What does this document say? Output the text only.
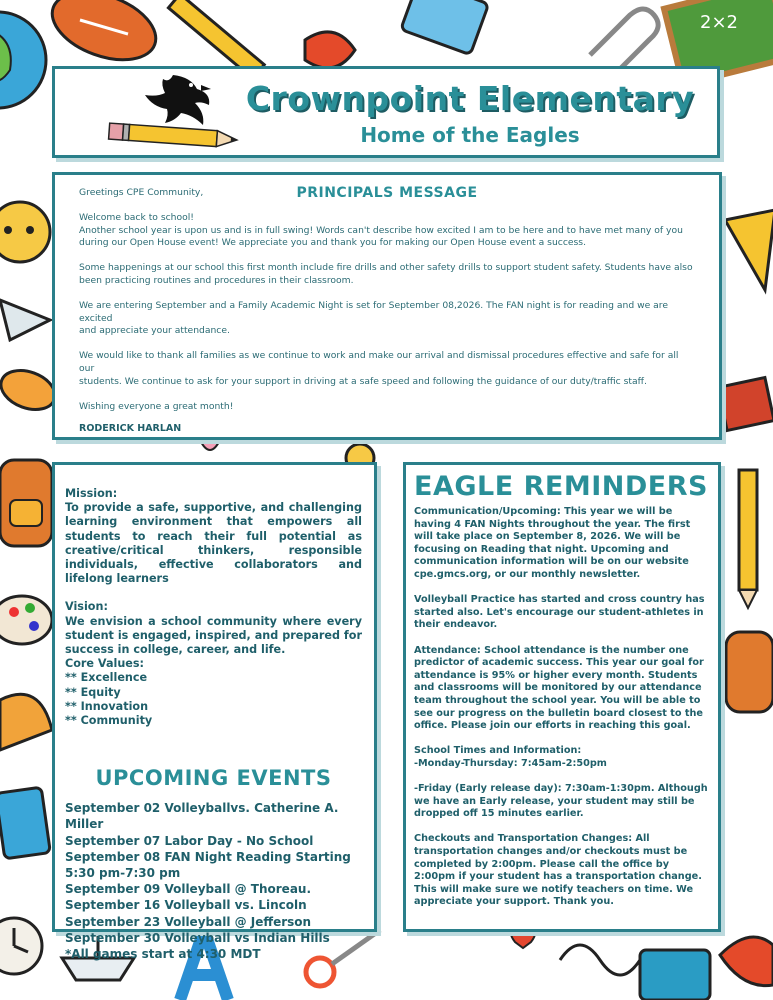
2×2
Crownpoint Elementary
Home of the Eagles
PRINCIPALS MESSAGE
Greetings CPE Community,
Welcome back to school!
Another school year is upon us and is in full swing! Words can't describe how excited I am to be here and to have met many of you
during our Open House event! We appreciate you and thank you for making our Open House event a success.
Some happenings at our school this first month include fire drills and other safety drills to support student safety. Students have also
been practicing routines and procedures in their classroom.
We are entering September and a Family Academic Night is set for September 08,2026. The FAN night is for reading and we are excited
and appreciate your attendance.
We would like to thank all families as we continue to work and make our arrival and dismissal procedures effective and safe for all our
students. We continue to ask for your support in driving at a safe speed and following the guidance of our duty/traffic staff.
Wishing everyone a great month!
RODERICK HARLAN
Mission:
To provide a safe, supportive, and challenging learning environment that empowers all students to reach their full potential as creative/critical thinkers, responsible individuals, effective collaborators and lifelong learners
Vision:
We envision a school community where every student is engaged, inspired, and prepared for success in college, career, and life.
Core Values:
** Excellence
** Equity
** Innovation
** Community
UPCOMING EVENTS
September 02 Volleyballvs. Catherine A. Miller
September 07 Labor Day - No School
September 08 FAN Night Reading Starting 5:30 pm-7:30 pm
September 09 Volleyball @ Thoreau.
September 16 Volleyball vs. Lincoln
September 23 Volleyball @ Jefferson
September 30 Volleyball vs Indian Hills
*All games start at 4:30 MDT
EAGLE REMINDERS
Communication/Upcoming: This year we will be having 4 FAN Nights throughout the year. The first will take place on September 8, 2026. We will be focusing on Reading that night. Upcoming and communication information will be on our website cpe.gmcs.org, or our monthly newsletter.
Volleyball Practice has started and cross country has started also. Let's encourage our student-athletes in their endeavor.
Attendance: School attendance is the number one predictor of academic success. This year our goal for attendance is 95% or higher every month. Students and classrooms will be monitored by our attendance team throughout the school year. You will be able to see our progress on the bulletin board closest to the office. Please join our efforts in reaching this goal.
School Times and Information:
-Monday-Thursday: 7:45am-2:50pm
-Friday (Early release day): 7:30am-1:30pm. Although we have an Early release, your student may still be dropped off 15 minutes earlier.
Checkouts and Transportation Changes: All transportation changes and/or checkouts must be completed by 2:00pm. Please call the office by 2:00pm if your student has a transportation change. This will make sure we notify teachers on time. We appreciate your support. Thank you.
